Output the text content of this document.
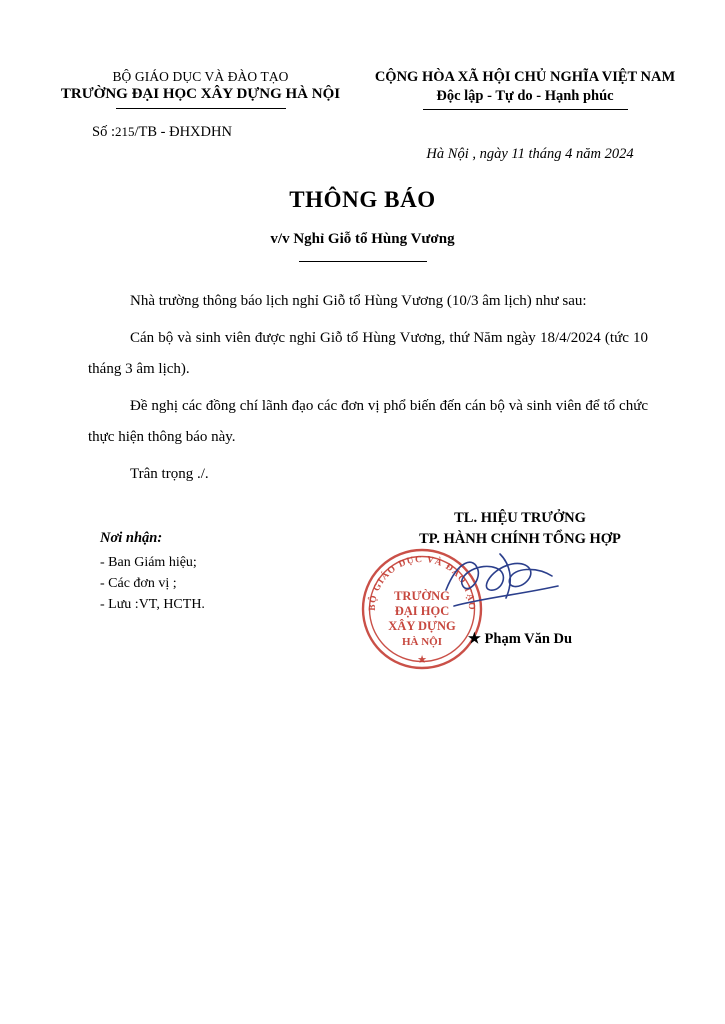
BỘ GIÁO DỤC VÀ ĐÀO TẠO
TRƯỜNG ĐẠI HỌC XÂY DỰNG HÀ NỘI
CỘNG HÒA XÃ HỘI CHỦ NGHĨA VIỆT NAM
Độc lập - Tự do - Hạnh phúc
Số :215/TB - ĐHXDHN
Hà Nội , ngày 11 tháng 4 năm 2024
THÔNG BÁO
v/v Nghỉ Giỗ tổ Hùng Vương

Nhà trường thông báo lịch nghỉ Giỗ tổ Hùng Vương (10/3 âm lịch) như sau:

Cán bộ và sinh viên được nghỉ Giỗ tổ Hùng Vương, thứ Năm ngày 18/4/2024 (tức 10 tháng 3 âm lịch).

Đề nghị các đồng chí lãnh đạo các đơn vị phổ biến đến cán bộ và sinh viên để tổ chức thực hiện thông báo này.

Trân trọng ./.

TL. HIỆU TRƯỞNG
TP. HÀNH CHÍNH TỔNG HỢP
BỘ GIÁO DỤC VÀ ĐÀO TẠO
TRƯỜNG
ĐẠI HỌC
XÂY DỰNG
HÀ NỘI
★
★ Phạm Văn Du
Nơi nhận:
- Ban Giám hiệu;
- Các đơn vị ;
- Lưu :VT, HCTH.
